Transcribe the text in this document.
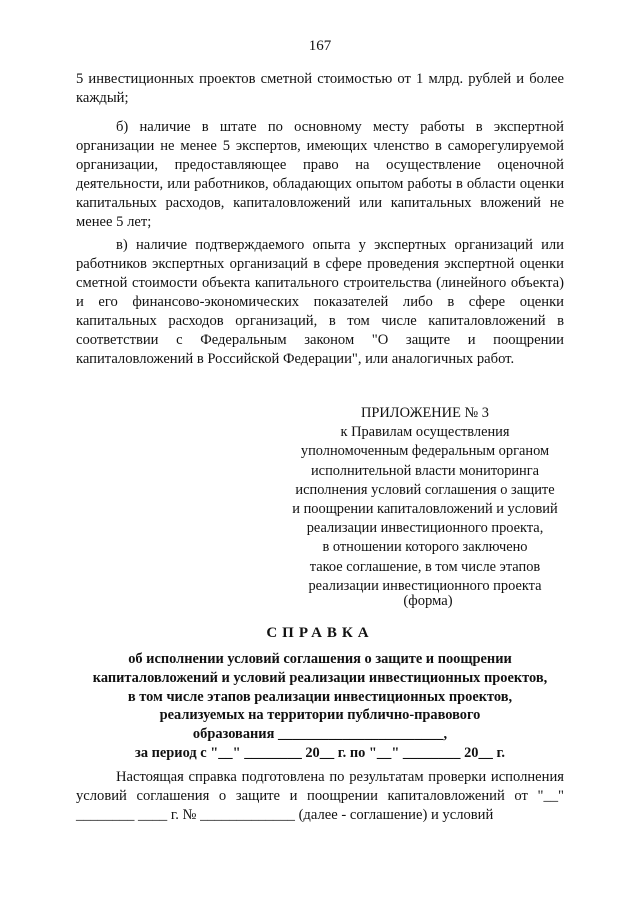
167

5 инвестиционных проектов сметной стоимостью от 1 млрд. рублей и более каждый;

б) наличие в штате по основному месту работы в экспертной организации не менее 5 экспертов, имеющих членство в саморегулируемой организации, предоставляющее право на осуществление оценочной деятельности, или работников, обладающих опытом работы в области оценки капитальных расходов, капиталовложений или капитальных вложений не менее 5 лет;

в) наличие подтверждаемого опыта у экспертных организаций или работников экспертных организаций в сфере проведения экспертной оценки сметной стоимости объекта капитального строительства (линейного объекта) и его финансово-экономических показателей либо в сфере оценки капитальных расходов организаций, в том числе капиталовложений в соответствии с Федеральным законом "О защите и поощрении капиталовложений в Российской Федерации", или аналогичных работ.

ПРИЛОЖЕНИЕ № 3
к Правилам осуществления
уполномоченным федеральным органом
исполнительной власти мониторинга
исполнения условий соглашения о защите
и поощрении капиталовложений и условий
реализации инвестиционного проекта,
в отношении которого заключено
такое соглашение, в том числе этапов
реализации инвестиционного проекта
(форма)
СПРАВКА
об исполнении условий соглашения о защите и поощрении
капиталовложений и условий реализации инвестиционных проектов,
в том числе этапов реализации инвестиционных проектов,
реализуемых на территории публично-правового
образования _______________________,
за период с "__" ________ 20__ г. по "__" ________ 20__ г.

Настоящая справка подготовлена по результатам проверки исполнения условий соглашения о защите и поощрении капиталовложений от "__" ________ ____ г. № _____________ (далее - соглашение) и условий
